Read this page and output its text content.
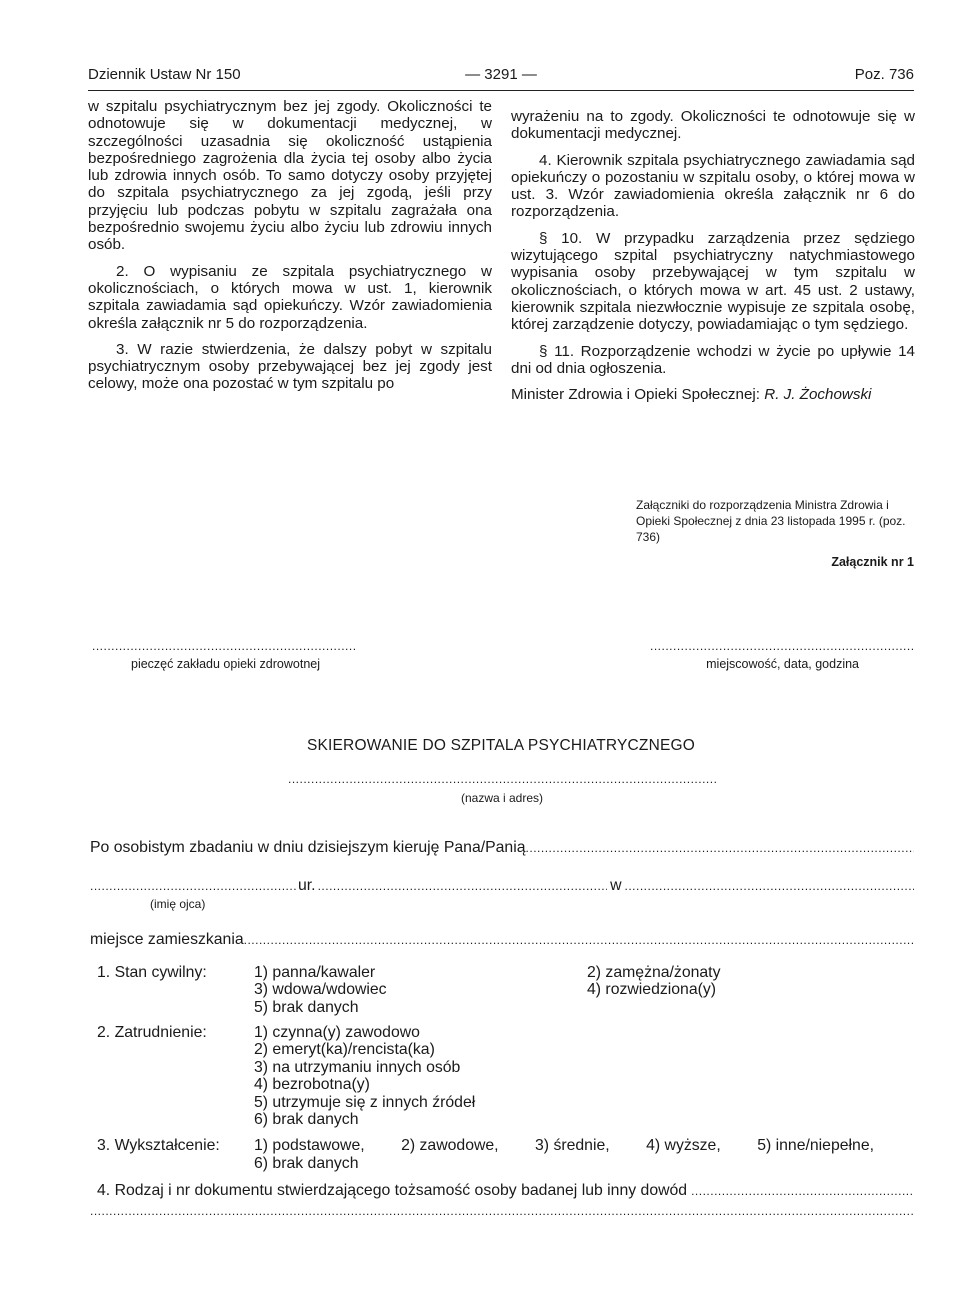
Dziennik Ustaw Nr 150	— 3291 —	Poz. 736

w szpitalu psychiatrycznym bez jej zgody. Okoliczności te odnotowuje się w dokumentacji medycznej, w szczególności uzasadnia się okoliczność ustąpienia bezpośredniego zagrożenia dla życia tej osoby albo życia lub zdrowia innych osób. To samo dotyczy osoby przyjętej do szpitala psychiatrycznego za jej zgodą, jeśli przy przyjęciu lub podczas pobytu w szpitalu zagrażała ona bezpośrednio swojemu życiu albo życiu lub zdrowiu innych osób.

2. O wypisaniu ze szpitala psychiatrycznego w okolicznościach, o których mowa w ust. 1, kierownik szpitala zawiadamia sąd opiekuńczy. Wzór zawiadomienia określa załącznik nr 5 do rozporządzenia.

3. W razie stwierdzenia, że dalszy pobyt w szpitalu psychiatrycznym osoby przebywającej bez jej zgody jest celowy, może ona pozostać w tym szpitalu po

wyrażeniu na to zgody. Okoliczności te odnotowuje się w dokumentacji medycznej.

4. Kierownik szpitala psychiatrycznego zawiadamia sąd opiekuńczy o pozostaniu w szpitalu osoby, o której mowa w ust. 3. Wzór zawiadomienia określa załącznik nr 6 do rozporządzenia.

§ 10. W przypadku zarządzenia przez sędziego wizytującego szpital psychiatryczny natychmiastowego wypisania osoby przebywającej w tym szpitalu w okolicznościach, o których mowa w art. 45 ust. 2 ustawy, kierownik szpitala niezwłocznie wypisuje ze szpitala osobę, której zarządzenie dotyczy, powiadamiając o tym sędziego.

§ 11. Rozporządzenie wchodzi w życie po upływie 14 dni od dnia ogłoszenia.

Minister Zdrowia i Opieki Społecznej: R. J. Żochowski

Załączniki do rozporządzenia Ministra Zdrowia i Opieki Społecznej z dnia 23 listopada 1995 r. (poz. 736)
Załącznik nr 1
.....
pieczęć zakładu opieki zdrowotnej
.....	miejscowość, data, godzina
SKIEROWANIE DO SZPITALA PSYCHIATRYCZNEGO
.....
(nazwa i adres)
Po osobistym zbadaniu w dniu dzisiejszym kieruję Pana/Panią
.....
.....
ur.
.....	w
.....
(imię ojca)
miejsce zamieszkania
.....
1. Stan cywilny:	1) panna/kawaler	2) zamężna/żonaty
3) wdowa/wdowiec	4) rozwiedziona(y)
5) brak danych
2. Zatrudnienie:	1) czynna(y) zawodowo
2) emeryt(ka)/rencista(ka)
3) na utrzymaniu innych osób
4) bezrobotna(y)
5) utrzymuje się z innych źródeł
6) brak danych
3. Wykształcenie: 1) podstawowe, 2) zawodowe, 3) średnie, 4) wyższe, 5) inne/niepełne,
6) brak danych
4. Rodzaj i nr dokumentu stwierdzającego tożsamość osoby badanej lub inny dowód
.....
.....
